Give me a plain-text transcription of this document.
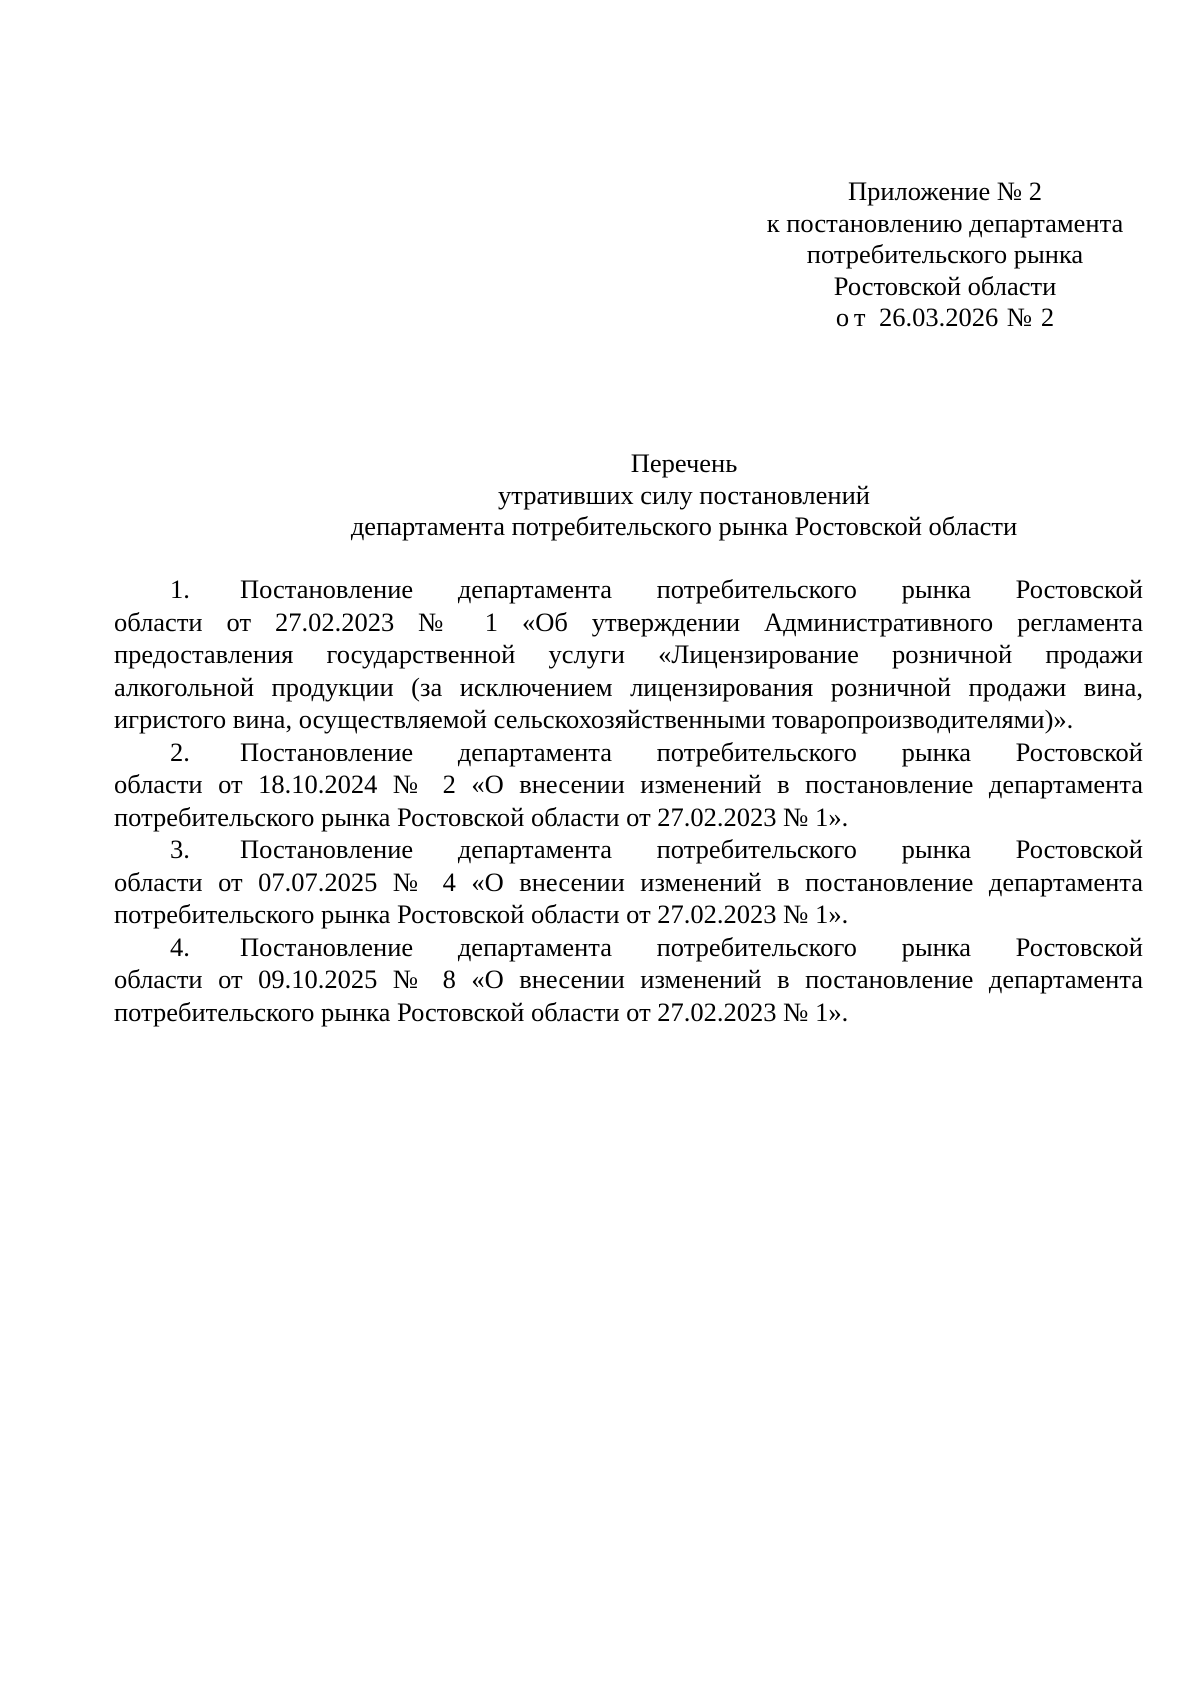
Приложение № 2
к постановлению департамента
потребительского рынка
Ростовской области
от 26.03.2026 № 2
Перечень
утративших силу постановлений
департамента потребительского рынка Ростовской области
1. Постановление департамента потребительского рынка Ростовской
области от 27.02.2023 № 1 «Об утверждении Административного регламента
предоставления государственной услуги «Лицензирование розничной продажи
алкогольной продукции (за исключением лицензирования розничной продажи вина,
игристого вина, осуществляемой сельскохозяйственными товаропроизводителями)».
2. Постановление департамента потребительского рынка Ростовской
области от 18.10.2024 № 2 «О внесении изменений в постановление департамента
потребительского рынка Ростовской области от 27.02.2023 № 1».
3. Постановление департамента потребительского рынка Ростовской
области от 07.07.2025 № 4 «О внесении изменений в постановление департамента
потребительского рынка Ростовской области от 27.02.2023 № 1».
4. Постановление департамента потребительского рынка Ростовской
области от 09.10.2025 № 8 «О внесении изменений в постановление департамента
потребительского рынка Ростовской области от 27.02.2023 № 1».
